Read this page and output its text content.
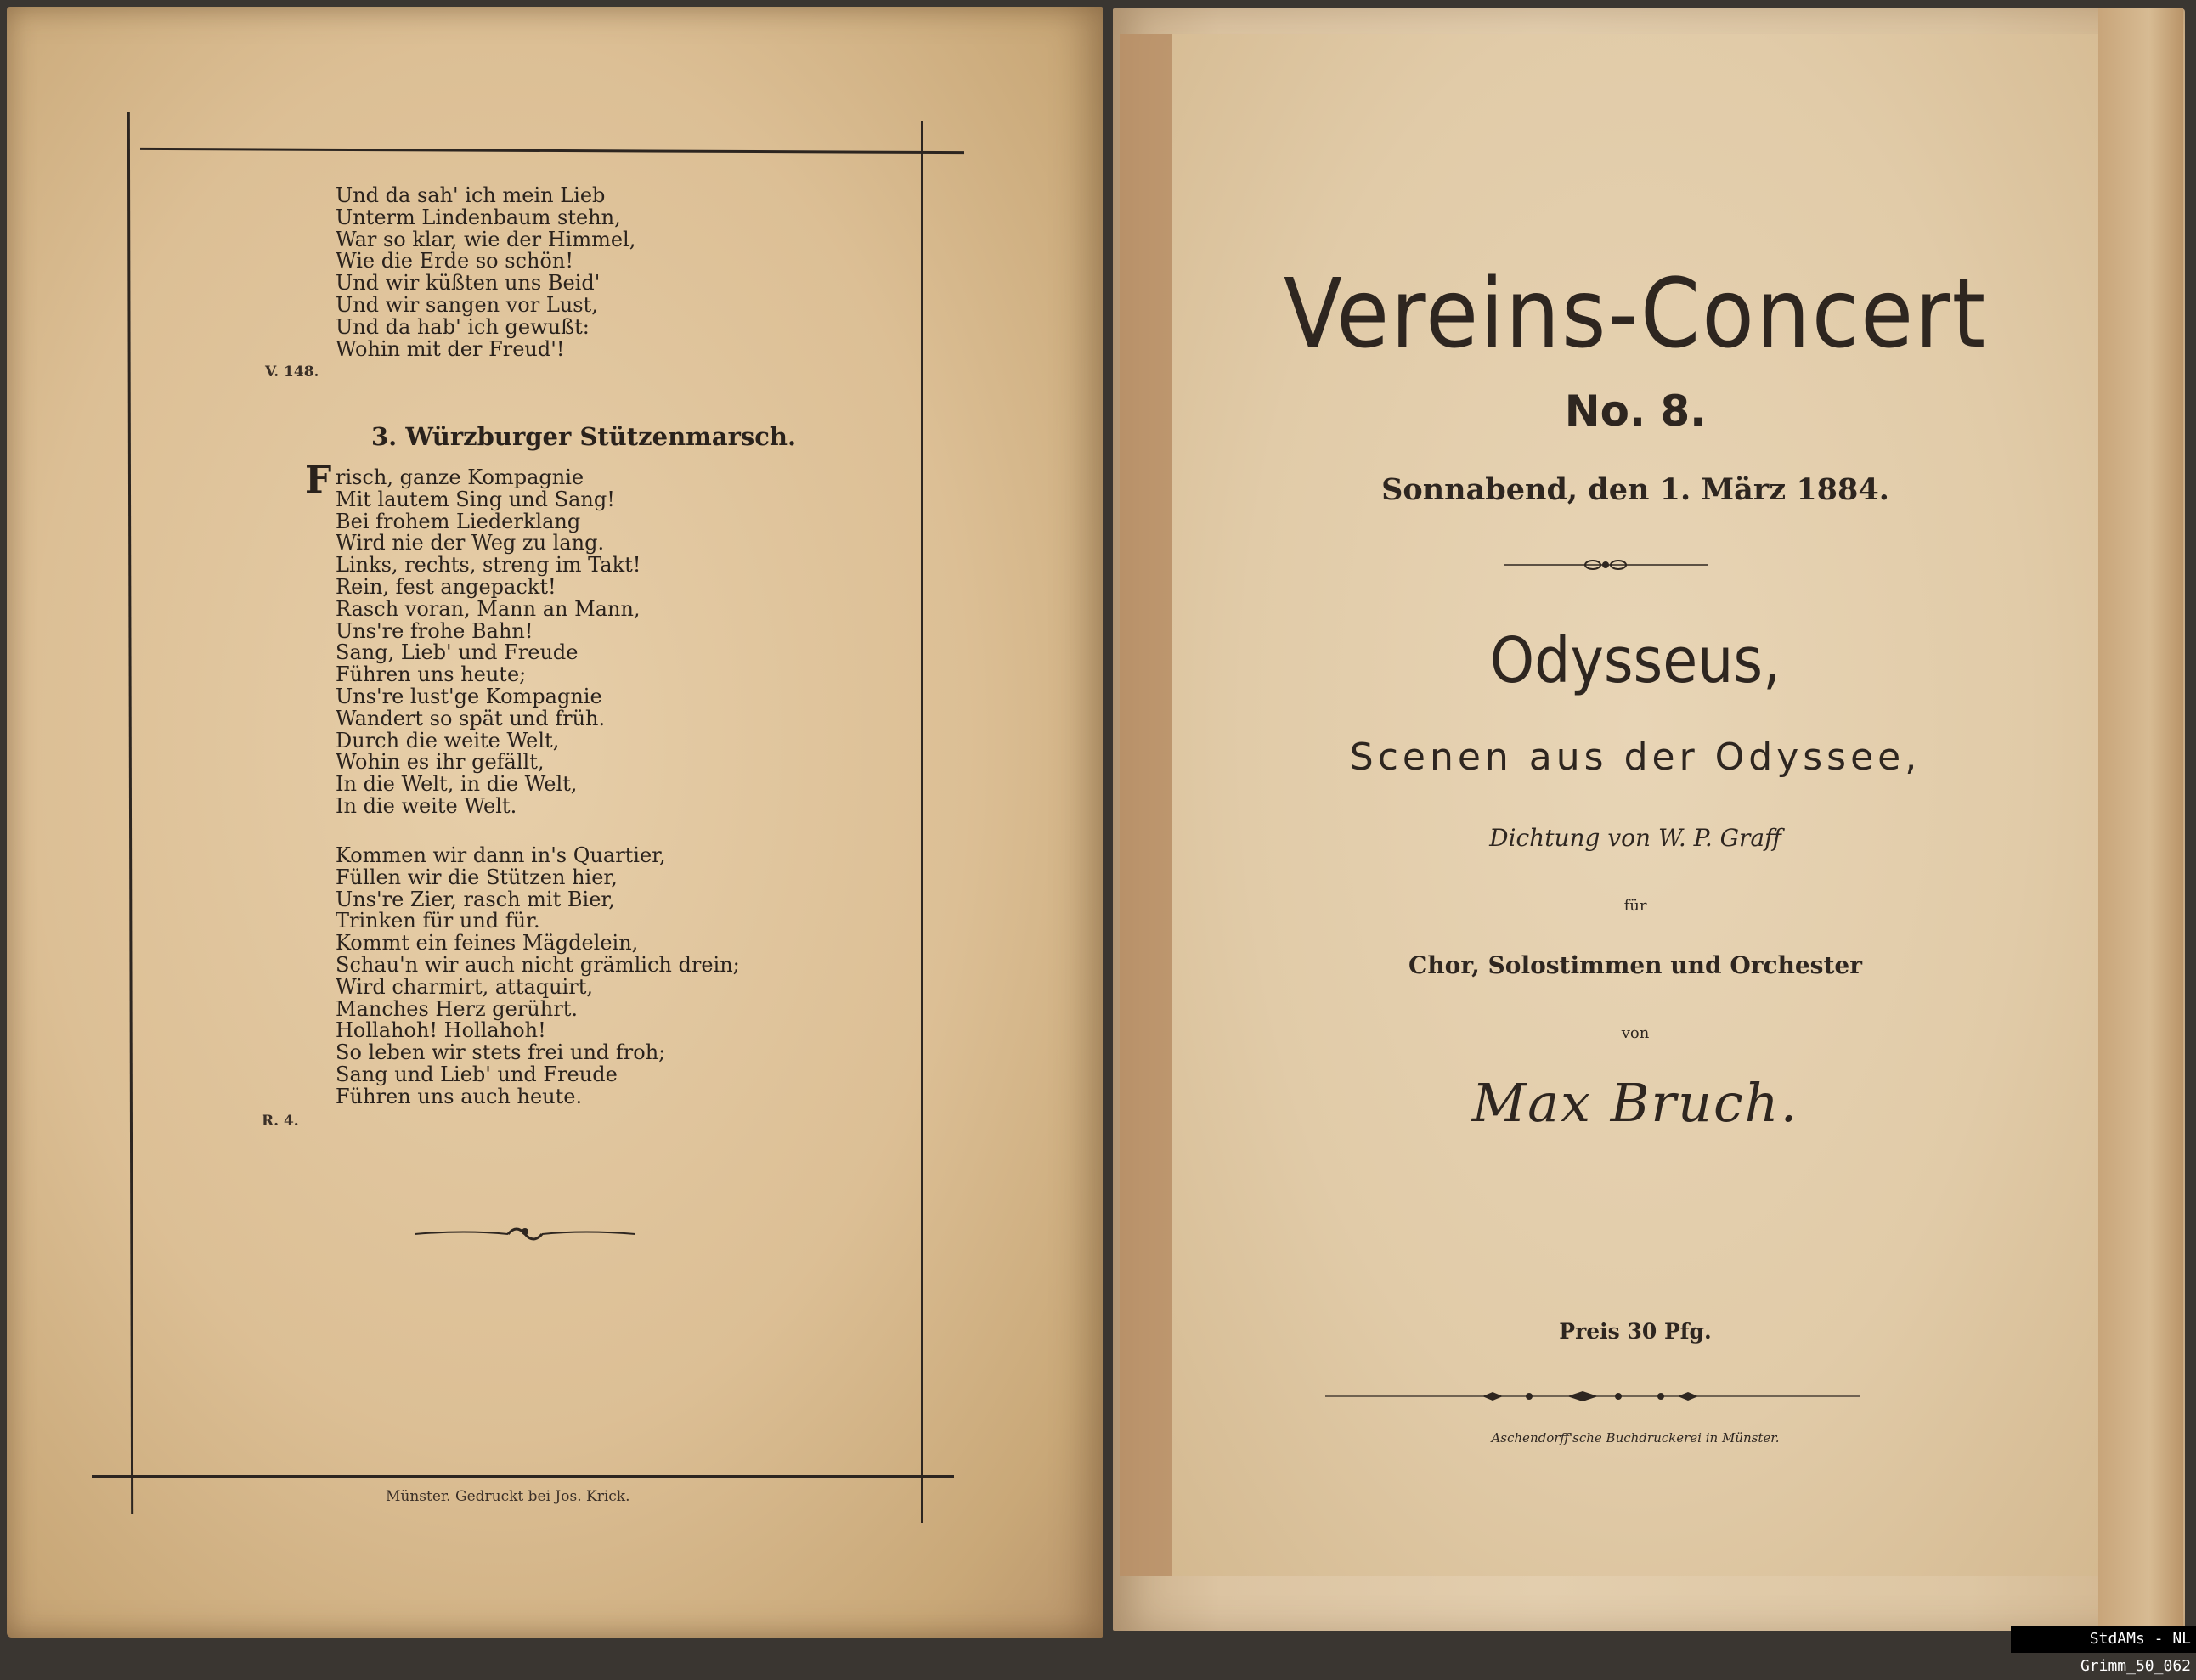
Und da sah' ich mein Lieb
Unterm Lindenbaum stehn,
War so klar, wie der Himmel,
Wie die Erde so schön!
Und wir küßten uns Beid'
Und wir sangen vor Lust,
Und da hab' ich gewußt:
Wohin mit der Freud'!
V. 148.
3. Würzburger Stützenmarsch.
F risch, ganze Kompagnie
Mit lautem Sing und Sang!
Bei frohem Liederklang
Wird nie der Weg zu lang.
Links, rechts, streng im Takt!
Rein, fest angepackt!
Rasch voran, Mann an Mann,
Uns're frohe Bahn!
Sang, Lieb' und Freude
Führen uns heute;
Uns're lust'ge Kompagnie
Wandert so spät und früh.
Durch die weite Welt,
Wohin es ihr gefällt,
In die Welt, in die Welt,
In die weite Welt.
Kommen wir dann in's Quartier,
Füllen wir die Stützen hier,
Uns're Zier, rasch mit Bier,
Trinken für und für.
Kommt ein feines Mägdelein,
Schau'n wir auch nicht grämlich drein;
Wird charmirt, attaquirt,
Manches Herz gerührt.
Hollahoh! Hollahoh!
So leben wir stets frei und froh;
Sang und Lieb' und Freude
Führen uns auch heute.
R. 4.
Münster. Gedruckt bei Jos. Krick.
Vereins-Concert
No. 8.
Sonnabend, den 1. März 1884.
Odysseus,
Scenen aus der Odyssee,
Dichtung von W. P. Graff
für
Chor, Solostimmen und Orchester
von
Max Bruch.
Preis 30 Pfg.
Aschendorff'sche Buchdruckerei in Münster.
StdAMs - NL Grimm_50_062
